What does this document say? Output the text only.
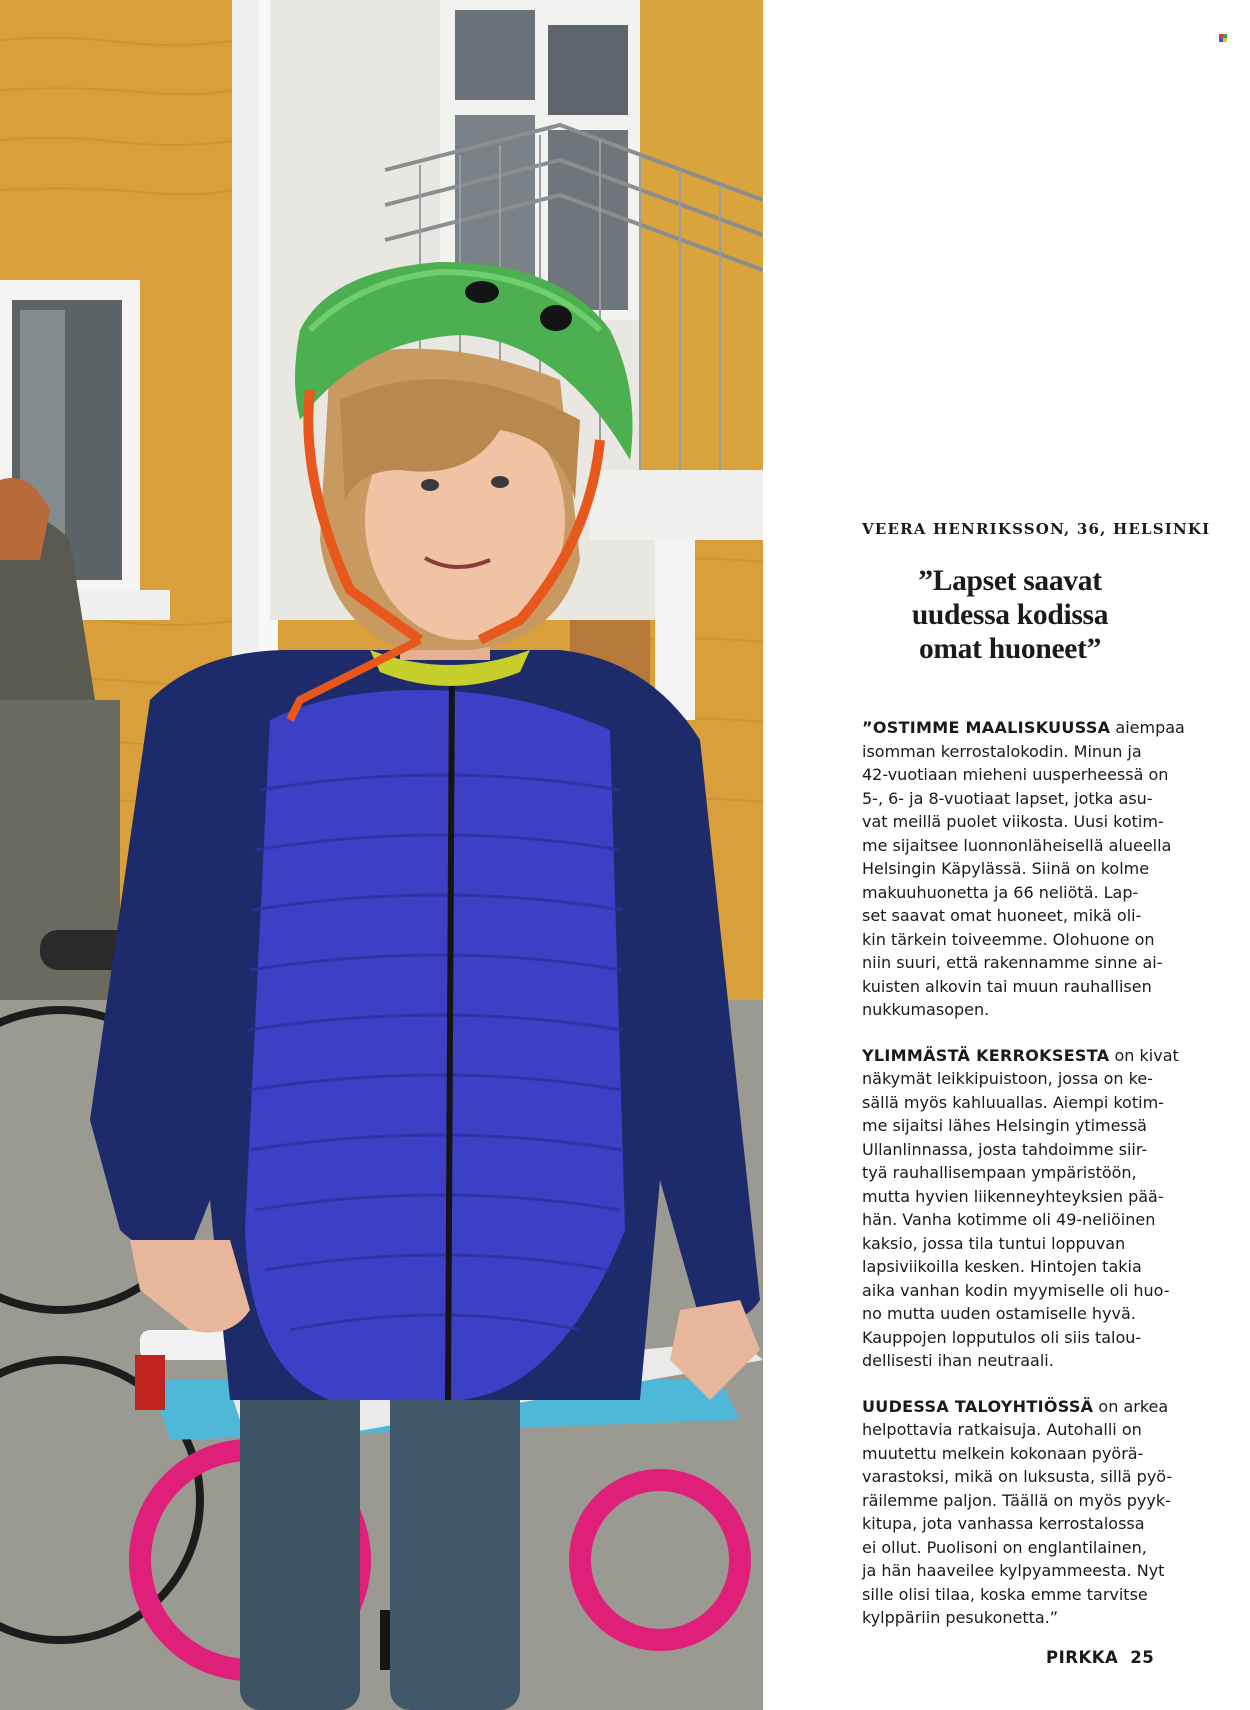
VEERA HENRIKSSON, 36, HELSINKI
”Lapset saavat
uudessa kodissa
omat huoneet”
”OSTIMME MAALISKUUSSA aiempaa
isomman kerrostalokodin. Minun ja
42-vuotiaan mieheni uusperheessä on
5-, 6- ja 8-vuotiaat lapset, jotka asu-
vat meillä puolet viikosta. Uusi kotim-
me sijaitsee luonnonläheisellä alueella
Helsingin Käpylässä. Siinä on kolme
makuuhuonetta ja 66 neliötä. Lap-
set saavat omat huoneet, mikä oli-
kin tärkein toiveemme. Olohuone on
niin suuri, että rakennamme sinne ai-
kuisten alkovin tai muun rauhallisen
nukkumasopen.
YLIMMÄSTÄ KERROKSESTA on kivat
näkymät leikkipuistoon, jossa on ke-
sällä myös kahluuallas. Aiempi kotim-
me sijaitsi lähes Helsingin ytimessä
Ullanlinnassa, josta tahdoimme siir-
tyä rauhallisempaan ympäristöön,
mutta hyvien liikenneyhteyksien pää-
hän. Vanha kotimme oli 49-neliöinen
kaksio, jossa tila tuntui loppuvan
lapsiviikoilla kesken. Hintojen takia
aika vanhan kodin myymiselle oli huo-
no mutta uuden ostamiselle hyvä.
Kauppojen lopputulos oli siis talou-
dellisesti ihan neutraali.
UUDESSA TALOYHTIÖSSÄ on arkea
helpottavia ratkaisuja. Autohalli on
muutettu melkein kokonaan pyörä-
varastoksi, mikä on luksusta, sillä pyö-
räilemme paljon. Täällä on myös pyyk-
kitupa, jota vanhassa kerrostalossa
ei ollut. Puolisoni on englantilainen,
ja hän haaveilee kylpyammeesta. Nyt
sille olisi tilaa, koska emme tarvitse
kylppäriin pesukonetta.”
PIRKKA 25
